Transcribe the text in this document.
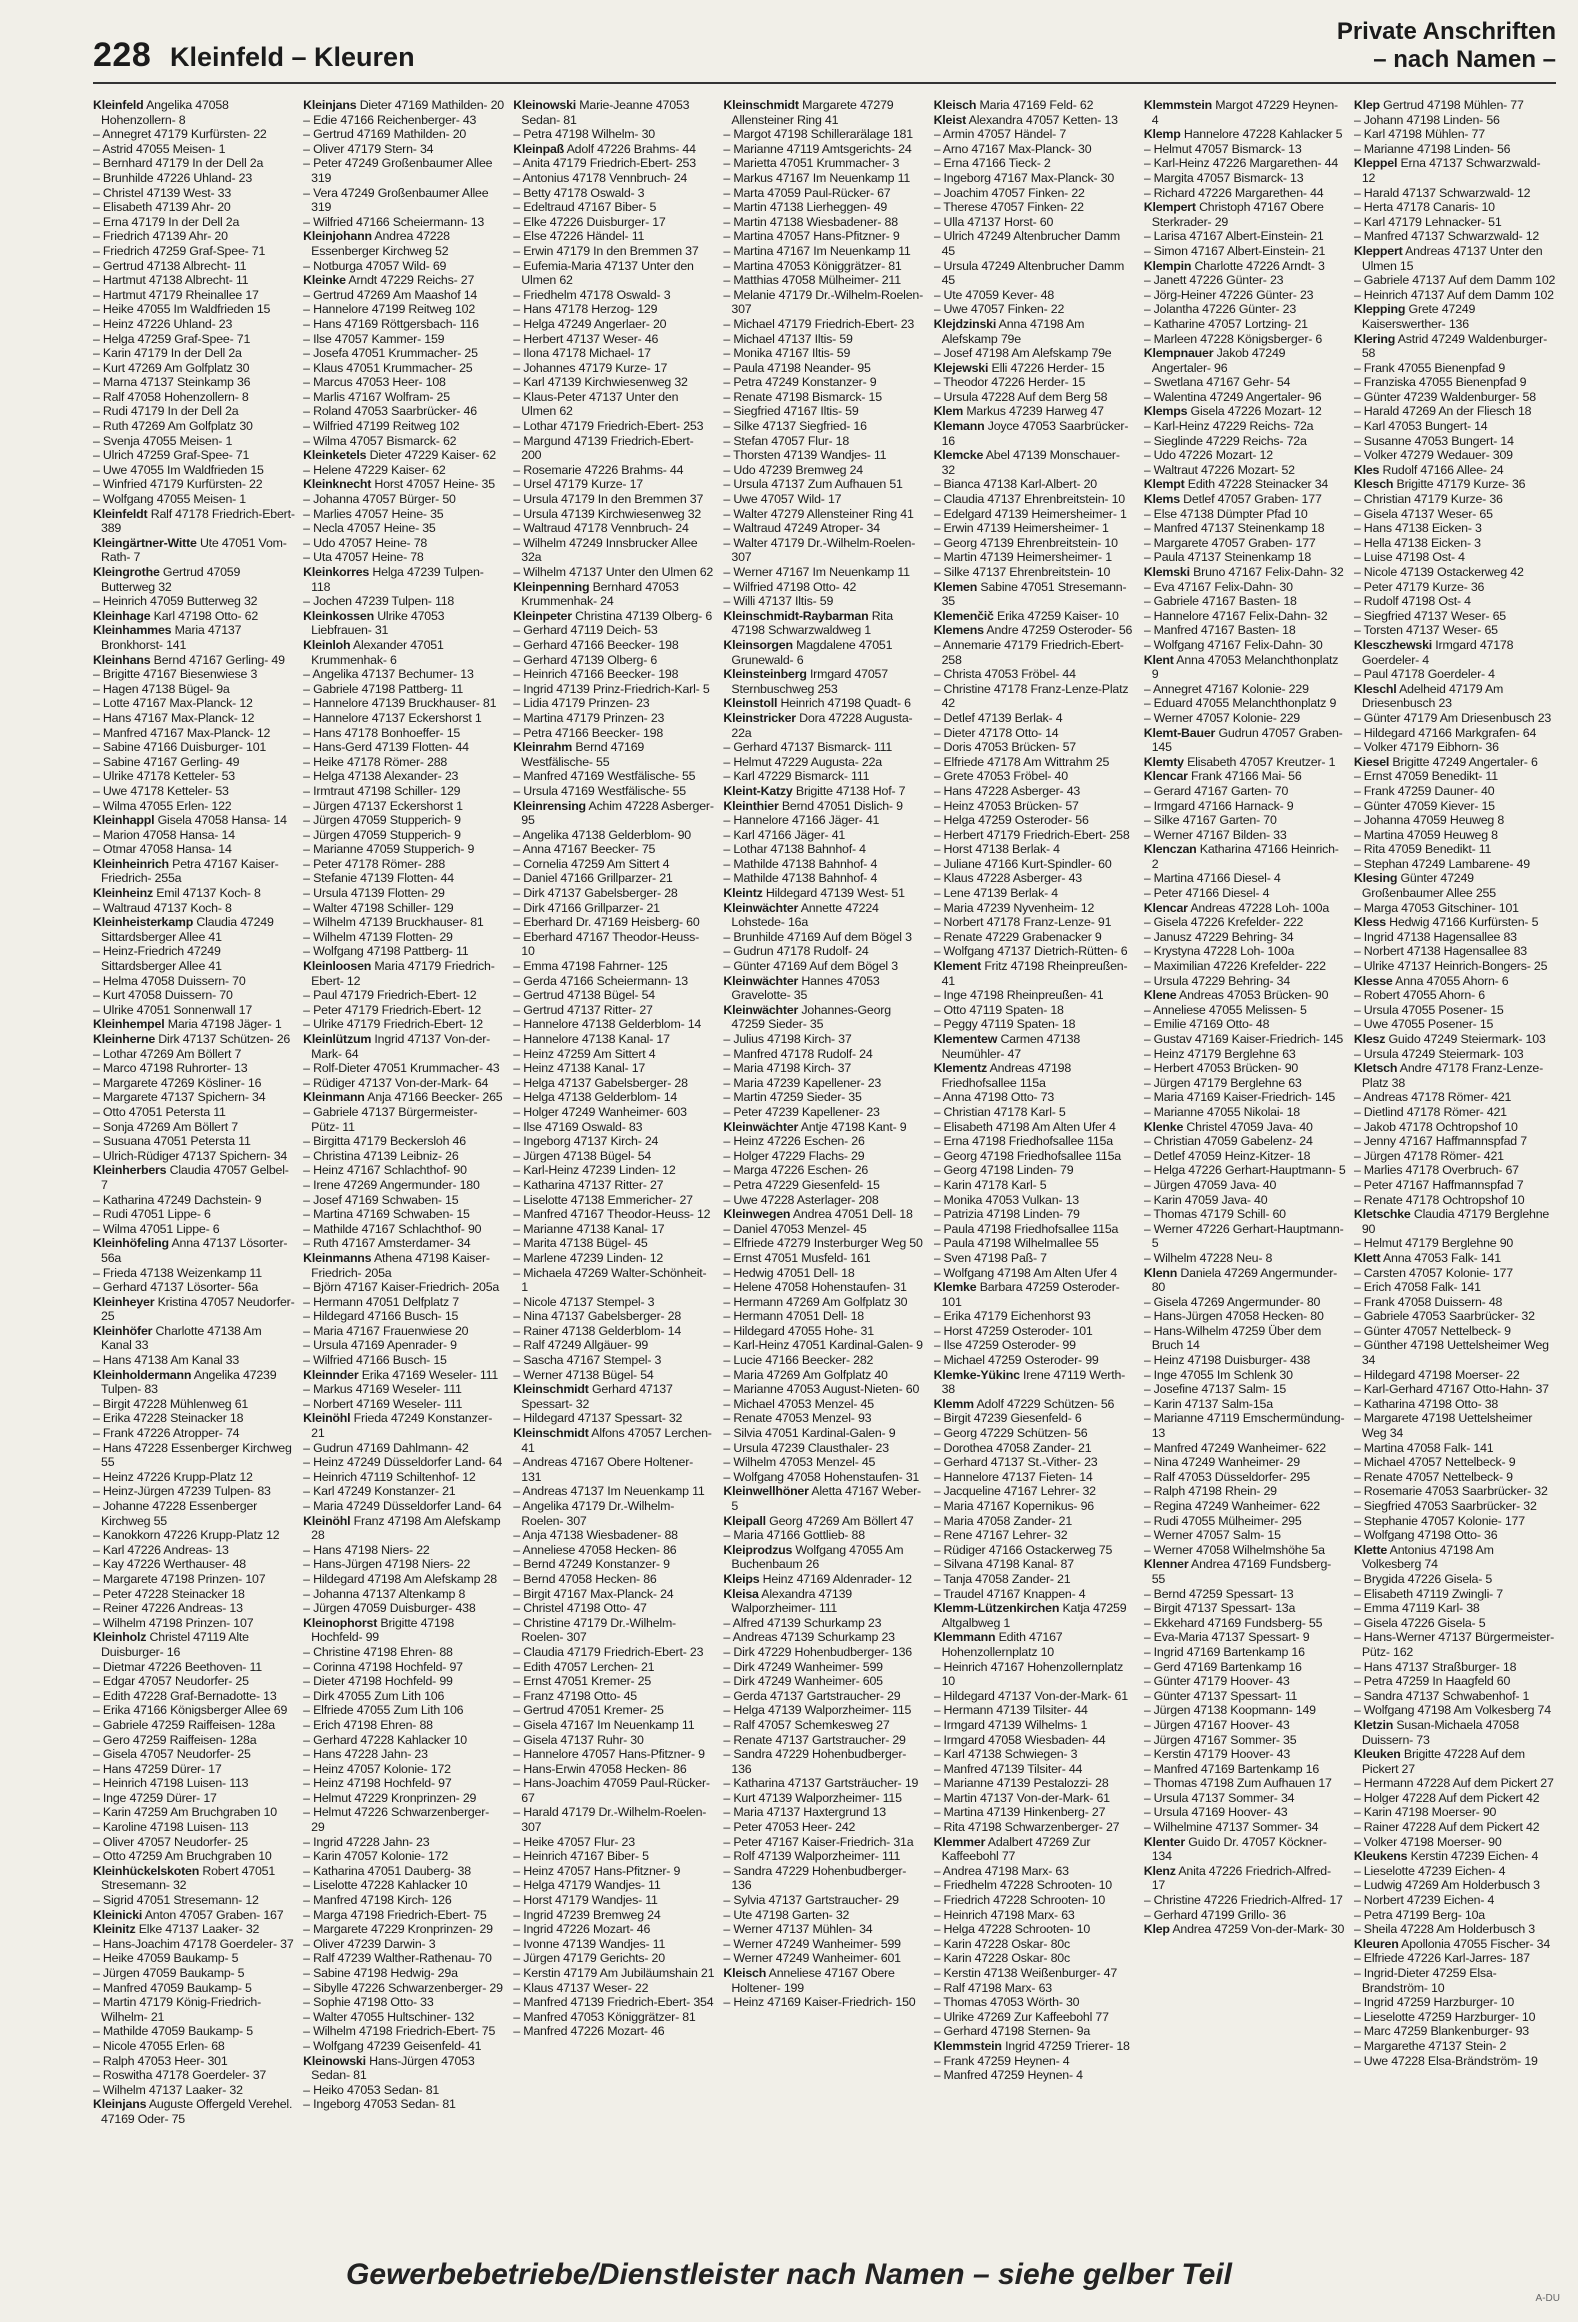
228 Kleinfeld – Kleuren
Private Anschriften
– nach Namen –

Kleinfeld Angelika 47058 Hohenzollern- 8

– Annegret 47179 Kurfürsten- 22

– Astrid 47055 Meisen- 1

– Bernhard 47179 In der Dell 2a

– Brunhilde 47226 Uhland- 23

– Christel 47139 West- 33

– Elisabeth 47139 Ahr- 20

– Erna 47179 In der Dell 2a

– Friedrich 47139 Ahr- 20

– Friedrich 47259 Graf-Spee- 71

– Gertrud 47138 Albrecht- 11

– Hartmut 47138 Albrecht- 11

– Hartmut 47179 Rheinallee 17

– Heike 47055 Im Waldfrieden 15

– Heinz 47226 Uhland- 23

– Helga 47259 Graf-Spee- 71

– Karin 47179 In der Dell 2a

– Kurt 47269 Am Golfplatz 30

– Marna 47137 Steinkamp 36

– Ralf 47058 Hohenzollern- 8

– Rudi 47179 In der Dell 2a

– Ruth 47269 Am Golfplatz 30

– Svenja 47055 Meisen- 1

– Ulrich 47259 Graf-Spee- 71

– Uwe 47055 Im Waldfrieden 15

– Winfried 47179 Kurfürsten- 22

– Wolfgang 47055 Meisen- 1

Kleinfeldt Ralf 47178 Friedrich-Ebert- 389

Kleingärtner-Witte Ute 47051 Vom-Rath- 7

Kleingrothe Gertrud 47059 Butterweg 32

– Heinrich 47059 Butterweg 32

Kleinhage Karl 47198 Otto- 62

Kleinhammes Maria 47137 Bronkhorst- 141

Kleinhans Bernd 47167 Gerling- 49

– Brigitte 47167 Biesenwiese 3

– Hagen 47138 Bügel- 9a

– Lotte 47167 Max-Planck- 12

– Hans 47167 Max-Planck- 12

– Manfred 47167 Max-Planck- 12

– Sabine 47166 Duisburger- 101

– Sabine 47167 Gerling- 49

– Ulrike 47178 Ketteler- 53

– Uwe 47178 Ketteler- 53

– Wilma 47055 Erlen- 122

Kleinhappl Gisela 47058 Hansa- 14

– Marion 47058 Hansa- 14

– Otmar 47058 Hansa- 14

Kleinheinrich Petra 47167 Kaiser-Friedrich- 255a

Kleinheinz Emil 47137 Koch- 8

– Waltraud 47137 Koch- 8

Kleinheisterkamp Claudia 47249 Sittardsberger Allee 41

– Heinz-Friedrich 47249 Sittardsberger Allee 41

– Helma 47058 Duissern- 70

– Kurt 47058 Duissern- 70

– Ulrike 47051 Sonnenwall 17

Kleinhempel Maria 47198 Jäger- 1

Kleinherne Dirk 47137 Schützen- 26

– Lothar 47269 Am Böllert 7

– Marco 47198 Ruhrorter- 13

– Margarete 47269 Kösliner- 16

– Margarete 47137 Spichern- 34

– Otto 47051 Petersta 11

– Sonja 47269 Am Böllert 7

– Susuana 47051 Petersta 11

– Ulrich-Rüdiger 47137 Spichern- 34

Kleinherbers Claudia 47057 Gelbel- 7

– Katharina 47249 Dachstein- 9

– Rudi 47051 Lippe- 6

– Wilma 47051 Lippe- 6

Kleinhöfeling Anna 47137 Lösorter- 56a

– Frieda 47138 Weizenkamp 11

– Gerhard 47137 Lösorter- 56a

Kleinheyer Kristina 47057 Neudorfer- 25

Kleinhöfer Charlotte 47138 Am Kanal 33

– Hans 47138 Am Kanal 33

Kleinholdermann Angelika 47239 Tulpen- 83

– Birgit 47228 Mühlenweg 61

– Erika 47228 Steinacker 18

– Frank 47226 Atropper- 74

– Hans 47228 Essenberger Kirchweg 55

– Heinz 47226 Krupp-Platz 12

– Heinz-Jürgen 47239 Tulpen- 83

– Johanne 47228 Essenberger Kirchweg 55

– Kanokkorn 47226 Krupp-Platz 12

– Karl 47226 Andreas- 13

– Kay 47226 Werthauser- 48

– Margarete 47198 Prinzen- 107

– Peter 47228 Steinacker 18

– Reiner 47226 Andreas- 13

– Wilhelm 47198 Prinzen- 107

Kleinholz Christel 47119 Alte Duisburger- 16

– Dietmar 47226 Beethoven- 11

– Edgar 47057 Neudorfer- 25

– Edith 47228 Graf-Bernadotte- 13

– Erika 47166 Königsberger Allee 69

– Gabriele 47259 Raiffeisen- 128a

– Gero 47259 Raiffeisen- 128a

– Gisela 47057 Neudorfer- 25

– Hans 47259 Dürer- 17

– Heinrich 47198 Luisen- 113

– Inge 47259 Dürer- 17

– Karin 47259 Am Bruchgraben 10

– Karoline 47198 Luisen- 113

– Oliver 47057 Neudorfer- 25

– Otto 47259 Am Bruchgraben 10

Kleinhückelskoten Robert 47051 Stresemann- 32

– Sigrid 47051 Stresemann- 12

Kleinicki Anton 47057 Graben- 167

Kleinitz Elke 47137 Laaker- 32

– Hans-Joachim 47178 Goerdeler- 37

– Heike 47059 Baukamp- 5

– Jürgen 47059 Baukamp- 5

– Manfred 47059 Baukamp- 5

– Martin 47179 König-Friedrich-Wilhelm- 21

– Mathilde 47059 Baukamp- 5

– Nicole 47055 Erlen- 68

– Ralph 47053 Heer- 301

– Roswitha 47178 Goerdeler- 37

– Wilhelm 47137 Laaker- 32

Kleinjans Auguste Offergeld Verehel. 47169 Oder- 75

Kleinjans Dieter 47169 Mathilden- 20

– Edie 47166 Reichenberger- 43

– Gertrud 47169 Mathilden- 20

– Oliver 47179 Stern- 34

– Peter 47249 Großenbaumer Allee 319

– Vera 47249 Großenbaumer Allee 319

– Wilfried 47166 Scheiermann- 13

Kleinjohann Andrea 47228 Essenberger Kirchweg 52

– Notburga 47057 Wild- 69

Kleinke Arndt 47229 Reichs- 27

– Gertrud 47269 Am Maashof 14

– Hannelore 47199 Reitweg 102

– Hans 47169 Röttgersbach- 116

– Ilse 47057 Kammer- 159

– Josefa 47051 Krummacher- 25

– Klaus 47051 Krummacher- 25

– Marcus 47053 Heer- 108

– Marlis 47167 Wolfram- 25

– Roland 47053 Saarbrücker- 46

– Wilfried 47199 Reitweg 102

– Wilma 47057 Bismarck- 62

Kleinketels Dieter 47229 Kaiser- 62

– Helene 47229 Kaiser- 62

Kleinknecht Horst 47057 Heine- 35

– Johanna 47057 Bürger- 50

– Marlies 47057 Heine- 35

– Necla 47057 Heine- 35

– Udo 47057 Heine- 78

– Uta 47057 Heine- 78

Kleinkorres Helga 47239 Tulpen- 118

– Jochen 47239 Tulpen- 118

Kleinkossen Ulrike 47053 Liebfrauen- 31

Kleinloh Alexander 47051 Krummenhak- 6

– Angelika 47137 Bechumer- 13

– Gabriele 47198 Pattberg- 11

– Hannelore 47139 Bruckhauser- 81

– Hannelore 47137 Eckershorst 1

– Hans 47178 Bonhoeffer- 15

– Hans-Gerd 47139 Flotten- 44

– Heike 47178 Römer- 288

– Helga 47138 Alexander- 23

– Irmtraut 47198 Schiller- 129

– Jürgen 47137 Eckershorst 1

– Jürgen 47059 Stupperich- 9

– Jürgen 47059 Stupperich- 9

– Marianne 47059 Stupperich- 9

– Peter 47178 Römer- 288

– Stefanie 47139 Flotten- 44

– Ursula 47139 Flotten- 29

– Walter 47198 Schiller- 129

– Wilhelm 47139 Bruckhauser- 81

– Wilhelm 47139 Flotten- 29

– Wolfgang 47198 Pattberg- 11

Kleinloosen Maria 47179 Friedrich-Ebert- 12

– Paul 47179 Friedrich-Ebert- 12

– Peter 47179 Friedrich-Ebert- 12

– Ulrike 47179 Friedrich-Ebert- 12

Kleinlützum Ingrid 47137 Von-der-Mark- 64

– Rolf-Dieter 47051 Krummacher- 43

– Rüdiger 47137 Von-der-Mark- 64

Kleinmann Anja 47166 Beecker- 265

– Gabriele 47137 Bürgermeister-Pütz- 11

– Birgitta 47179 Beckersloh 46

– Christina 47139 Leibniz- 26

– Heinz 47167 Schlachthof- 90

– Irene 47269 Angermunder- 180

– Josef 47169 Schwaben- 15

– Martina 47169 Schwaben- 15

– Mathilde 47167 Schlachthof- 90

– Ruth 47167 Amsterdamer- 34

Kleinmanns Athena 47198 Kaiser-Friedrich- 205a

– Björn 47167 Kaiser-Friedrich- 205a

– Hermann 47051 Delfplatz 7

– Hildegard 47166 Busch- 15

– Maria 47167 Frauenwiese 20

– Ursula 47169 Apenrader- 9

– Wilfried 47166 Busch- 15

Kleinnder Erika 47169 Weseler- 111

– Markus 47169 Weseler- 111

– Norbert 47169 Weseler- 111

Kleinöhl Frieda 47249 Konstanzer- 21

– Gudrun 47169 Dahlmann- 42

– Heinz 47249 Düsseldorfer Land- 64

– Heinrich 47119 Schiltenhof- 12

– Karl 47249 Konstanzer- 21

– Maria 47249 Düsseldorfer Land- 64

Kleinöhl Franz 47198 Am Alefskamp 28

– Hans 47198 Niers- 22

– Hans-Jürgen 47198 Niers- 22

– Hildegard 47198 Am Alefskamp 28

– Johanna 47137 Altenkamp 8

– Jürgen 47059 Duisburger- 438

Kleinophorst Brigitte 47198 Hochfeld- 99

– Christine 47198 Ehren- 88

– Corinna 47198 Hochfeld- 97

– Dieter 47198 Hochfeld- 99

– Dirk 47055 Zum Lith 106

– Elfriede 47055 Zum Lith 106

– Erich 47198 Ehren- 88

– Gerhard 47228 Kahlacker 10

– Hans 47228 Jahn- 23

– Heinz 47057 Kolonie- 172

– Heinz 47198 Hochfeld- 97

– Helmut 47229 Kronprinzen- 29

– Helmut 47226 Schwarzenberger- 29

– Ingrid 47228 Jahn- 23

– Karin 47057 Kolonie- 172

– Katharina 47051 Dauberg- 38

– Liselotte 47228 Kahlacker 10

– Manfred 47198 Kirch- 126

– Marga 47198 Friedrich-Ebert- 75

– Margarete 47229 Kronprinzen- 29

– Oliver 47239 Darwin- 3

– Ralf 47239 Walther-Rathenau- 70

– Sabine 47198 Hedwig- 29a

– Sibylle 47226 Schwarzenberger- 29

– Sophie 47198 Otto- 33

– Walter 47055 Hultschiner- 132

– Wilhelm 47198 Friedrich-Ebert- 75

– Wolfgang 47239 Geisenfeld- 41

Kleinowski Hans-Jürgen 47053 Sedan- 81

– Heiko 47053 Sedan- 81

– Ingeborg 47053 Sedan- 81

Kleinowski Marie-Jeanne 47053 Sedan- 81

– Petra 47198 Wilhelm- 30

Kleinpaß Adolf 47226 Brahms- 44

– Anita 47179 Friedrich-Ebert- 253

– Antonius 47178 Vennbruch- 24

– Betty 47178 Oswald- 3

– Edeltraud 47167 Biber- 5

– Elke 47226 Duisburger- 17

– Else 47226 Händel- 11

– Erwin 47179 In den Bremmen 37

– Eufemia-Maria 47137 Unter den Ulmen 62

– Friedhelm 47178 Oswald- 3

– Hans 47178 Herzog- 129

– Helga 47249 Angerlaer- 20

– Herbert 47137 Weser- 46

– Ilona 47178 Michael- 17

– Johannes 47179 Kurze- 17

– Karl 47139 Kirchwiesenweg 32

– Klaus-Peter 47137 Unter den Ulmen 62

– Lothar 47179 Friedrich-Ebert- 253

– Margund 47139 Friedrich-Ebert- 200

– Rosemarie 47226 Brahms- 44

– Ursel 47179 Kurze- 17

– Ursula 47179 In den Bremmen 37

– Ursula 47139 Kirchwiesenweg 32

– Waltraud 47178 Vennbruch- 24

– Wilhelm 47249 Innsbrucker Allee 32a

– Wilhelm 47137 Unter den Ulmen 62

Kleinpenning Bernhard 47053 Krummenhak- 24

Kleinpeter Christina 47139 Olberg- 6

– Gerhard 47119 Deich- 53

– Gerhard 47166 Beecker- 198

– Gerhard 47139 Olberg- 6

– Heinrich 47166 Beecker- 198

– Ingrid 47139 Prinz-Friedrich-Karl- 5

– Lidia 47179 Prinzen- 23

– Martina 47179 Prinzen- 23

– Petra 47166 Beecker- 198

Kleinrahm Bernd 47169 Westfälische- 55

– Manfred 47169 Westfälische- 55

– Ursula 47169 Westfälische- 55

Kleinrensing Achim 47228 Asberger- 95

– Angelika 47138 Gelderblom- 90

– Anna 47167 Beecker- 75

– Cornelia 47259 Am Sittert 4

– Daniel 47166 Grillparzer- 21

– Dirk 47137 Gabelsberger- 28

– Dirk 47166 Grillparzer- 21

– Eberhard Dr. 47169 Heisberg- 60

– Eberhard 47167 Theodor-Heuss- 10

– Emma 47198 Fahrner- 125

– Gerda 47166 Scheiermann- 13

– Gertrud 47138 Bügel- 54

– Gertrud 47137 Ritter- 27

– Hannelore 47138 Gelderblom- 14

– Hannelore 47138 Kanal- 17

– Heinz 47259 Am Sittert 4

– Heinz 47138 Kanal- 17

– Helga 47137 Gabelsberger- 28

– Helga 47138 Gelderblom- 14

– Holger 47249 Wanheimer- 603

– Ilse 47169 Oswald- 83

– Ingeborg 47137 Kirch- 24

– Jürgen 47138 Bügel- 54

– Karl-Heinz 47239 Linden- 12

– Katharina 47137 Ritter- 27

– Liselotte 47138 Emmericher- 27

– Manfred 47167 Theodor-Heuss- 12

– Marianne 47138 Kanal- 17

– Marita 47138 Bügel- 45

– Marlene 47239 Linden- 12

– Michaela 47269 Walter-Schönheit- 1

– Nicole 47137 Stempel- 3

– Nina 47137 Gabelsberger- 28

– Rainer 47138 Gelderblom- 14

– Ralf 47249 Allgäuer- 99

– Sascha 47167 Stempel- 3

– Werner 47138 Bügel- 54

Kleinschmidt Gerhard 47137 Spessart- 32

– Hildegard 47137 Spessart- 32

Kleinschmidt Alfons 47057 Lerchen- 41

– Andreas 47167 Obere Holtener- 131

– Andreas 47137 Im Neuenkamp 11

– Angelika 47179 Dr.-Wilhelm-Roelen- 307

– Anja 47138 Wiesbadener- 88

– Anneliese 47058 Hecken- 86

– Bernd 47249 Konstanzer- 9

– Bernd 47058 Hecken- 86

– Birgit 47167 Max-Planck- 24

– Christel 47198 Otto- 47

– Christine 47179 Dr.-Wilhelm-Roelen- 307

– Claudia 47179 Friedrich-Ebert- 23

– Edith 47057 Lerchen- 21

– Ernst 47051 Kremer- 25

– Franz 47198 Otto- 45

– Gertrud 47051 Kremer- 25

– Gisela 47167 Im Neuenkamp 11

– Gisela 47137 Ruhr- 30

– Hannelore 47057 Hans-Pfitzner- 9

– Hans-Erwin 47058 Hecken- 86

– Hans-Joachim 47059 Paul-Rücker- 67

– Harald 47179 Dr.-Wilhelm-Roelen- 307

– Heike 47057 Flur- 23

– Heinrich 47167 Biber- 5

– Heinz 47057 Hans-Pfitzner- 9

– Helga 47179 Wandjes- 11

– Horst 47179 Wandjes- 11

– Ingrid 47239 Bremweg 24

– Ingrid 47226 Mozart- 46

– Ivonne 47139 Wandjes- 11

– Jürgen 47179 Gerichts- 20

– Kerstin 47179 Am Jubiläumshain 21

– Klaus 47137 Weser- 22

– Manfred 47139 Friedrich-Ebert- 354

– Manfred 47053 Königgrätzer- 81

– Manfred 47226 Mozart- 46

Kleinschmidt Margarete 47279 Allensteiner Ring 41

– Margot 47198 Schillerarälage 181

– Marianne 47119 Amtsgerichts- 24

– Marietta 47051 Krummacher- 3

– Markus 47167 Im Neuenkamp 11

– Marta 47059 Paul-Rücker- 67

– Martin 47138 Lierheggen- 49

– Martin 47138 Wiesbadener- 88

– Martina 47057 Hans-Pfitzner- 9

– Martina 47167 Im Neuenkamp 11

– Martina 47053 Königgrätzer- 81

– Matthias 47058 Mülheimer- 211

– Melanie 47179 Dr.-Wilhelm-Roelen- 307

– Michael 47179 Friedrich-Ebert- 23

– Michael 47137 Iltis- 59

– Monika 47167 Iltis- 59

– Paula 47198 Neander- 95

– Petra 47249 Konstanzer- 9

– Renate 47198 Bismarck- 15

– Siegfried 47167 Iltis- 59

– Silke 47137 Siegfried- 16

– Stefan 47057 Flur- 18

– Thorsten 47139 Wandjes- 11

– Udo 47239 Bremweg 24

– Ursula 47137 Zum Aufhauen 51

– Uwe 47057 Wild- 17

– Walter 47279 Allensteiner Ring 41

– Waltraud 47249 Atroper- 34

– Walter 47179 Dr.-Wilhelm-Roelen- 307

– Werner 47167 Im Neuenkamp 11

– Wilfried 47198 Otto- 42

– Willi 47137 Iltis- 59

Kleinschmidt-Raybarman Rita 47198 Schwarzwaldweg 1

Kleinsorgen Magdalene 47051 Grunewald- 6

Kleinsteinberg Irmgard 47057 Sternbuschweg 253

Kleinstoll Heinrich 47198 Quadt- 6

Kleinstricker Dora 47228 Augusta- 22a

– Gerhard 47137 Bismarck- 111

– Helmut 47229 Augusta- 22a

– Karl 47229 Bismarck- 111

Kleint-Katzy Brigitte 47138 Hof- 7

Kleinthier Bernd 47051 Dislich- 9

– Hannelore 47166 Jäger- 41

– Karl 47166 Jäger- 41

– Lothar 47138 Bahnhof- 4

– Mathilde 47138 Bahnhof- 4

– Mathilde 47138 Bahnhof- 4

Kleintz Hildegard 47139 West- 51

Kleinwächter Annette 47224 Lohstede- 16a

– Brunhilde 47169 Auf dem Bögel 3

– Gudrun 47178 Rudolf- 24

– Günter 47169 Auf dem Bögel 3

Kleinwächter Hannes 47053 Gravelotte- 35

Kleinwächter Johannes-Georg 47259 Sieder- 35

– Julius 47198 Kirch- 37

– Manfred 47178 Rudolf- 24

– Maria 47198 Kirch- 37

– Maria 47239 Kapellener- 23

– Martin 47259 Sieder- 35

– Peter 47239 Kapellener- 23

Kleinwächter Antje 47198 Kant- 9

– Heinz 47226 Eschen- 26

– Holger 47229 Flachs- 29

– Marga 47226 Eschen- 26

– Petra 47229 Giesenfeld- 15

– Uwe 47228 Asterlager- 208

Kleinwegen Andrea 47051 Dell- 18

– Daniel 47053 Menzel- 45

– Elfriede 47279 Insterburger Weg 50

– Ernst 47051 Musfeld- 161

– Hedwig 47051 Dell- 18

– Helene 47058 Hohenstaufen- 31

– Hermann 47269 Am Golfplatz 30

– Hermann 47051 Dell- 18

– Hildegard 47055 Hohe- 31

– Karl-Heinz 47051 Kardinal-Galen- 9

– Lucie 47166 Beecker- 282

– Maria 47269 Am Golfplatz 40

– Marianne 47053 August-Nieten- 60

– Michael 47053 Menzel- 45

– Renate 47053 Menzel- 93

– Silvia 47051 Kardinal-Galen- 9

– Ursula 47239 Clausthaler- 23

– Wilhelm 47053 Menzel- 45

– Wolfgang 47058 Hohenstaufen- 31

Kleinwellhöner Aletta 47167 Weber- 5

Kleipall Georg 47269 Am Böllert 47

– Maria 47166 Gottlieb- 88

Kleiprodzus Wolfgang 47055 Am Buchenbaum 26

Kleips Heinz 47169 Aldenrader- 12

Kleisa Alexandra 47139 Walporzheimer- 111

– Alfred 47139 Schurkamp 23

– Andreas 47139 Schurkamp 23

– Dirk 47229 Hohenbudberger- 136

– Dirk 47249 Wanheimer- 599

– Dirk 47249 Wanheimer- 605

– Gerda 47137 Gartstraucher- 29

– Helga 47139 Walporzheimer- 115

– Ralf 47057 Schemkesweg 27

– Renate 47137 Gartstraucher- 29

– Sandra 47229 Hohenbudberger- 136

– Katharina 47137 Gartsträucher- 19

– Kurt 47139 Walporzheimer- 115

– Maria 47137 Haxtergrund 13

– Peter 47053 Heer- 242

– Peter 47167 Kaiser-Friedrich- 31a

– Rolf 47139 Walporzheimer- 111

– Sandra 47229 Hohenbudberger- 136

– Sylvia 47137 Gartstraucher- 29

– Ute 47198 Garten- 32

– Werner 47137 Mühlen- 34

– Werner 47249 Wanheimer- 599

– Werner 47249 Wanheimer- 601

Kleisch Anneliese 47167 Obere Holtener- 199

– Heinz 47169 Kaiser-Friedrich- 150

Kleisch Maria 47169 Feld- 62

Kleist Alexandra 47057 Ketten- 13

– Armin 47057 Händel- 7

– Arno 47167 Max-Planck- 30

– Erna 47166 Tieck- 2

– Ingeborg 47167 Max-Planck- 30

– Joachim 47057 Finken- 22

– Therese 47057 Finken- 22

– Ulla 47137 Horst- 60

– Ulrich 47249 Altenbrucher Damm 45

– Ursula 47249 Altenbrucher Damm 45

– Ute 47059 Kever- 48

– Uwe 47057 Finken- 22

Klejdzinski Anna 47198 Am Alefskamp 79e

– Josef 47198 Am Alefskamp 79e

Klejewski Elli 47226 Herder- 15

– Theodor 47226 Herder- 15

– Ursula 47228 Auf dem Berg 58

Klem Markus 47239 Harweg 47

Klemann Joyce 47053 Saarbrücker- 16

Klemcke Abel 47139 Monschauer- 32

– Bianca 47138 Karl-Albert- 20

– Claudia 47137 Ehrenbreitstein- 10

– Edelgard 47139 Heimersheimer- 1

– Erwin 47139 Heimersheimer- 1

– Georg 47139 Ehrenbreitstein- 10

– Martin 47139 Heimersheimer- 1

– Silke 47137 Ehrenbreitstein- 10

Klemen Sabine 47051 Stresemann- 35

Klemenčič Erika 47259 Kaiser- 10

Klemens Andre 47259 Osteroder- 56

– Annemarie 47179 Friedrich-Ebert- 258

– Christa 47053 Fröbel- 44

– Christine 47178 Franz-Lenze-Platz 42

– Detlef 47139 Berlak- 4

– Dieter 47178 Otto- 14

– Doris 47053 Brücken- 57

– Elfriede 47178 Am Wittrahm 25

– Grete 47053 Fröbel- 40

– Hans 47228 Asberger- 43

– Heinz 47053 Brücken- 57

– Helga 47259 Osteroder- 56

– Herbert 47179 Friedrich-Ebert- 258

– Horst 47138 Berlak- 4

– Juliane 47166 Kurt-Spindler- 60

– Klaus 47228 Asberger- 43

– Lene 47139 Berlak- 4

– Maria 47239 Nyvenheim- 12

– Norbert 47178 Franz-Lenze- 91

– Renate 47229 Grabenacker 9

– Wolfgang 47137 Dietrich-Rütten- 6

Klement Fritz 47198 Rheinpreußen- 41

– Inge 47198 Rheinpreußen- 41

– Otto 47119 Spaten- 18

– Peggy 47119 Spaten- 18

Klementew Carmen 47138 Neumühler- 47

Klementz Andreas 47198 Friedhofsallee 115a

– Anna 47198 Otto- 73

– Christian 47178 Karl- 5

– Elisabeth 47198 Am Alten Ufer 4

– Erna 47198 Friedhofsallee 115a

– Georg 47198 Friedhofsallee 115a

– Georg 47198 Linden- 79

– Karin 47178 Karl- 5

– Monika 47053 Vulkan- 13

– Patrizia 47198 Linden- 79

– Paula 47198 Friedhofsallee 115a

– Paula 47198 Wilhelmallee 55

– Sven 47198 Paß- 7

– Wolfgang 47198 Am Alten Ufer 4

Klemke Barbara 47259 Osteroder- 101

– Erika 47179 Eichenhorst 93

– Horst 47259 Osteroder- 101

– Ilse 47259 Osteroder- 99

– Michael 47259 Osteroder- 99

Klemke-Yükinc Irene 47119 Werth- 38

Klemm Adolf 47229 Schützen- 56

– Birgit 47239 Giesenfeld- 6

– Georg 47229 Schützen- 56

– Dorothea 47058 Zander- 21

– Gerhard 47137 St.-Vither- 23

– Hannelore 47137 Fieten- 14

– Jacqueline 47167 Lehrer- 32

– Maria 47167 Kopernikus- 96

– Maria 47058 Zander- 21

– Rene 47167 Lehrer- 32

– Rüdiger 47166 Ostackerweg 75

– Silvana 47198 Kanal- 87

– Tanja 47058 Zander- 21

– Traudel 47167 Knappen- 4

Klemm-Lützenkirchen Katja 47259 Altgalbweg 1

Klemmann Edith 47167 Hohenzollernplatz 10

– Heinrich 47167 Hohenzollernplatz 10

– Hildegard 47137 Von-der-Mark- 61

– Hermann 47139 Tilsiter- 44

– Irmgard 47139 Wilhelms- 1

– Irmgard 47058 Wiesbaden- 44

– Karl 47138 Schwiegen- 3

– Manfred 47139 Tilsiter- 44

– Marianne 47139 Pestalozzi- 28

– Martin 47137 Von-der-Mark- 61

– Martina 47139 Hinkenberg- 27

– Rita 47198 Schwarzenberger- 27

Klemmer Adalbert 47269 Zur Kaffeebohl 77

– Andrea 47198 Marx- 63

– Friedhelm 47228 Schrooten- 10

– Friedrich 47228 Schrooten- 10

– Heinrich 47198 Marx- 63

– Helga 47228 Schrooten- 10

– Karin 47228 Oskar- 80c

– Karin 47228 Oskar- 80c

– Kerstin 47138 Weißenburger- 47

– Ralf 47198 Marx- 63

– Thomas 47053 Wörth- 30

– Ulrike 47269 Zur Kaffeebohl 77

– Gerhard 47198 Sternen- 9a

Klemmstein Ingrid 47259 Trierer- 18

– Frank 47259 Heynen- 4

– Manfred 47259 Heynen- 4

Klemmstein Margot 47229 Heynen- 4

Klemp Hannelore 47228 Kahlacker 5

– Helmut 47057 Bismarck- 13

– Karl-Heinz 47226 Margarethen- 44

– Margita 47057 Bismarck- 13

– Richard 47226 Margarethen- 44

Klempert Christoph 47167 Obere Sterkrader- 29

– Larisa 47167 Albert-Einstein- 21

– Simon 47167 Albert-Einstein- 21

Klempin Charlotte 47226 Arndt- 3

– Janett 47226 Günter- 23

– Jörg-Heiner 47226 Günter- 23

– Jolantha 47226 Günter- 23

– Katharine 47057 Lortzing- 21

– Marleen 47228 Königsberger- 6

Klempnauer Jakob 47249 Angertaler- 96

– Swetlana 47167 Gehr- 54

– Walentina 47249 Angertaler- 96

Klemps Gisela 47226 Mozart- 12

– Karl-Heinz 47229 Reichs- 72a

– Sieglinde 47229 Reichs- 72a

– Udo 47226 Mozart- 12

– Waltraut 47226 Mozart- 52

Klempt Edith 47228 Steinacker 34

Klems Detlef 47057 Graben- 177

– Else 47138 Dümpter Pfad 10

– Manfred 47137 Steinenkamp 18

– Margarete 47057 Graben- 177

– Paula 47137 Steinenkamp 18

Klemski Bruno 47167 Felix-Dahn- 32

– Eva 47167 Felix-Dahn- 30

– Gabriele 47167 Basten- 18

– Hannelore 47167 Felix-Dahn- 32

– Manfred 47167 Basten- 18

– Wolfgang 47167 Felix-Dahn- 30

Klent Anna 47053 Melanchthonplatz 9

– Annegret 47167 Kolonie- 229

– Eduard 47055 Melanchthonplatz 9

– Werner 47057 Kolonie- 229

Klemt-Bauer Gudrun 47057 Graben- 145

Klemty Elisabeth 47057 Kreutzer- 1

Klencar Frank 47166 Mai- 56

– Gerard 47167 Garten- 70

– Irmgard 47166 Harnack- 9

– Silke 47167 Garten- 70

– Werner 47167 Bilden- 33

Klenczan Katharina 47166 Heinrich- 2

– Martina 47166 Diesel- 4

– Peter 47166 Diesel- 4

Klencar Andreas 47228 Loh- 100a

– Gisela 47226 Krefelder- 222

– Janusz 47229 Behring- 34

– Krystyna 47228 Loh- 100a

– Maximilian 47226 Krefelder- 222

– Ursula 47229 Behring- 34

Klene Andreas 47053 Brücken- 90

– Anneliese 47055 Melissen- 5

– Emilie 47169 Otto- 48

– Gustav 47169 Kaiser-Friedrich- 145

– Heinz 47179 Berglehne 63

– Herbert 47053 Brücken- 90

– Jürgen 47179 Berglehne 63

– Maria 47169 Kaiser-Friedrich- 145

– Marianne 47055 Nikolai- 18

Klenke Christel 47059 Java- 40

– Christian 47059 Gabelenz- 24

– Detlef 47059 Heinz-Kitzer- 18

– Helga 47226 Gerhart-Hauptmann- 5

– Jürgen 47059 Java- 40

– Karin 47059 Java- 40

– Thomas 47179 Schill- 60

– Werner 47226 Gerhart-Hauptmann- 5

– Wilhelm 47228 Neu- 8

Klenn Daniela 47269 Angermunder- 80

– Gisela 47269 Angermunder- 80

– Hans-Jürgen 47058 Hecken- 80

– Hans-Wilhelm 47259 Über dem Bruch 14

– Heinz 47198 Duisburger- 438

– Inge 47055 Im Schlenk 30

– Josefine 47137 Salm- 15

– Karin 47137 Salm-15a

– Marianne 47119 Emschermündung- 13

– Manfred 47249 Wanheimer- 622

– Nina 47249 Wanheimer- 29

– Ralf 47053 Düsseldorfer- 295

– Ralph 47198 Rhein- 29

– Regina 47249 Wanheimer- 622

– Rudi 47055 Mülheimer- 295

– Werner 47057 Salm- 15

– Werner 47058 Wilhelmshöhe 5a

Klenner Andrea 47169 Fundsberg- 55

– Bernd 47259 Spessart- 13

– Birgit 47137 Spessart- 13a

– Ekkehard 47169 Fundsberg- 55

– Eva-Maria 47137 Spessart- 9

– Ingrid 47169 Bartenkamp 16

– Gerd 47169 Bartenkamp 16

– Günter 47179 Hoover- 43

– Günter 47137 Spessart- 11

– Jürgen 47138 Koopmann- 149

– Jürgen 47167 Hoover- 43

– Jürgen 47167 Sommer- 35

– Kerstin 47179 Hoover- 43

– Manfred 47169 Bartenkamp 16

– Thomas 47198 Zum Aufhauen 17

– Ursula 47137 Sommer- 34

– Ursula 47169 Hoover- 43

– Wilhelmine 47137 Sommer- 34

Klenter Guido Dr. 47057 Köckner- 134

Klenz Anita 47226 Friedrich-Alfred- 17

– Christine 47226 Friedrich-Alfred- 17

– Gerhard 47199 Grillo- 36

Klep Andrea 47259 Von-der-Mark- 30

Klep Gertrud 47198 Mühlen- 77

– Johann 47198 Linden- 56

– Karl 47198 Mühlen- 77

– Marianne 47198 Linden- 56

Kleppel Erna 47137 Schwarzwald- 12

– Harald 47137 Schwarzwald- 12

– Herta 47178 Canaris- 10

– Karl 47179 Lehnacker- 51

– Manfred 47137 Schwarzwald- 12

Kleppert Andreas 47137 Unter den Ulmen 15

– Gabriele 47137 Auf dem Damm 102

– Heinrich 47137 Auf dem Damm 102

Klepping Grete 47249 Kaiserswerther- 136

Klering Astrid 47249 Waldenburger- 58

– Frank 47055 Bienenpfad 9

– Franziska 47055 Bienenpfad 9

– Günter 47239 Waldenburger- 58

– Harald 47269 An der Fliesch 18

– Karl 47053 Bungert- 14

– Susanne 47053 Bungert- 14

– Volker 47279 Wedauer- 309

Kles Rudolf 47166 Allee- 24

Klesch Brigitte 47179 Kurze- 36

– Christian 47179 Kurze- 36

– Gisela 47137 Weser- 65

– Hans 47138 Eicken- 3

– Hella 47138 Eicken- 3

– Luise 47198 Ost- 4

– Nicole 47139 Ostackerweg 42

– Peter 47179 Kurze- 36

– Rudolf 47198 Ost- 4

– Siegfried 47137 Weser- 65

– Torsten 47137 Weser- 65

Klesczhewski Irmgard 47178 Goerdeler- 4

– Paul 47178 Goerdeler- 4

Kleschl Adelheid 47179 Am Driesenbusch 23

– Günter 47179 Am Driesenbusch 23

– Hildegard 47166 Markgrafen- 64

– Volker 47179 Eibhorn- 36

Kiesel Brigitte 47249 Angertaler- 6

– Ernst 47059 Benedikt- 11

– Frank 47259 Dauner- 40

– Günter 47059 Kiever- 15

– Johanna 47059 Heuweg 8

– Martina 47059 Heuweg 8

– Rita 47059 Benedikt- 11

– Stephan 47249 Lambarene- 49

Klesing Günter 47249 Großenbaumer Allee 255

– Marga 47053 Gitschiner- 101

Kless Hedwig 47166 Kurfürsten- 5

– Ingrid 47138 Hagensallee 83

– Norbert 47138 Hagensallee 83

– Ulrike 47137 Heinrich-Bongers- 25

Klesse Anna 47055 Ahorn- 6

– Robert 47055 Ahorn- 6

– Ursula 47055 Posener- 15

– Uwe 47055 Posener- 15

Klesz Guido 47249 Steiermark- 103

– Ursula 47249 Steiermark- 103

Kletsch Andre 47178 Franz-Lenze-Platz 38

– Andreas 47178 Römer- 421

– Dietlind 47178 Römer- 421

– Jakob 47178 Ochtropshof 10

– Jenny 47167 Haffmannspfad 7

– Jürgen 47178 Römer- 421

– Marlies 47178 Overbruch- 67

– Peter 47167 Haffmannspfad 7

– Renate 47178 Ochtropshof 10

Kletschke Claudia 47179 Berglehne 90

– Helmut 47179 Berglehne 90

Klett Anna 47053 Falk- 141

– Carsten 47057 Kolonie- 177

– Erich 47058 Falk- 141

– Frank 47058 Duissern- 48

– Gabriele 47053 Saarbrücker- 32

– Günter 47057 Nettelbeck- 9

– Günther 47198 Uettelsheimer Weg 34

– Hildegard 47198 Moerser- 22

– Karl-Gerhard 47167 Otto-Hahn- 37

– Katharina 47198 Otto- 38

– Margarete 47198 Uettelsheimer Weg 34

– Martina 47058 Falk- 141

– Michael 47057 Nettelbeck- 9

– Renate 47057 Nettelbeck- 9

– Rosemarie 47053 Saarbrücker- 32

– Siegfried 47053 Saarbrücker- 32

– Stephanie 47057 Kolonie- 177

– Wolfgang 47198 Otto- 36

Klette Antonius 47198 Am Volkesberg 74

– Brygida 47226 Gisela- 5

– Elisabeth 47119 Zwingli- 7

– Emma 47119 Karl- 38

– Gisela 47226 Gisela- 5

– Hans-Werner 47137 Bürgermeister-Pütz- 162

– Hans 47137 Straßburger- 18

– Petra 47259 In Haagfeld 60

– Sandra 47137 Schwabenhof- 1

– Wolfgang 47198 Am Volkesberg 74

Kletzin Susan-Michaela 47058 Duissern- 73

Kleuken Brigitte 47228 Auf dem Pickert 27

– Hermann 47228 Auf dem Pickert 27

– Holger 47228 Auf dem Pickert 42

– Karin 47198 Moerser- 90

– Rainer 47228 Auf dem Pickert 42

– Volker 47198 Moerser- 90

Kleukens Kerstin 47239 Eichen- 4

– Lieselotte 47239 Eichen- 4

– Ludwig 47269 Am Holderbusch 3

– Norbert 47239 Eichen- 4

– Petra 47199 Berg- 10a

– Sheila 47228 Am Holderbusch 3

Kleuren Apollonia 47055 Fischer- 34

– Elfriede 47226 Karl-Jarres- 187

– Ingrid-Dieter 47259 Elsa-Brandström- 10

– Ingrid 47259 Harzburger- 10

– Lieselotte 47259 Harzburger- 10

– Marc 47259 Blankenburger- 93

– Margarethe 47137 Stein- 2

– Uwe 47228 Elsa-Brändström- 19

Gewerbebetriebe/Dienstleister nach Namen – siehe gelber Teil
A-DU
